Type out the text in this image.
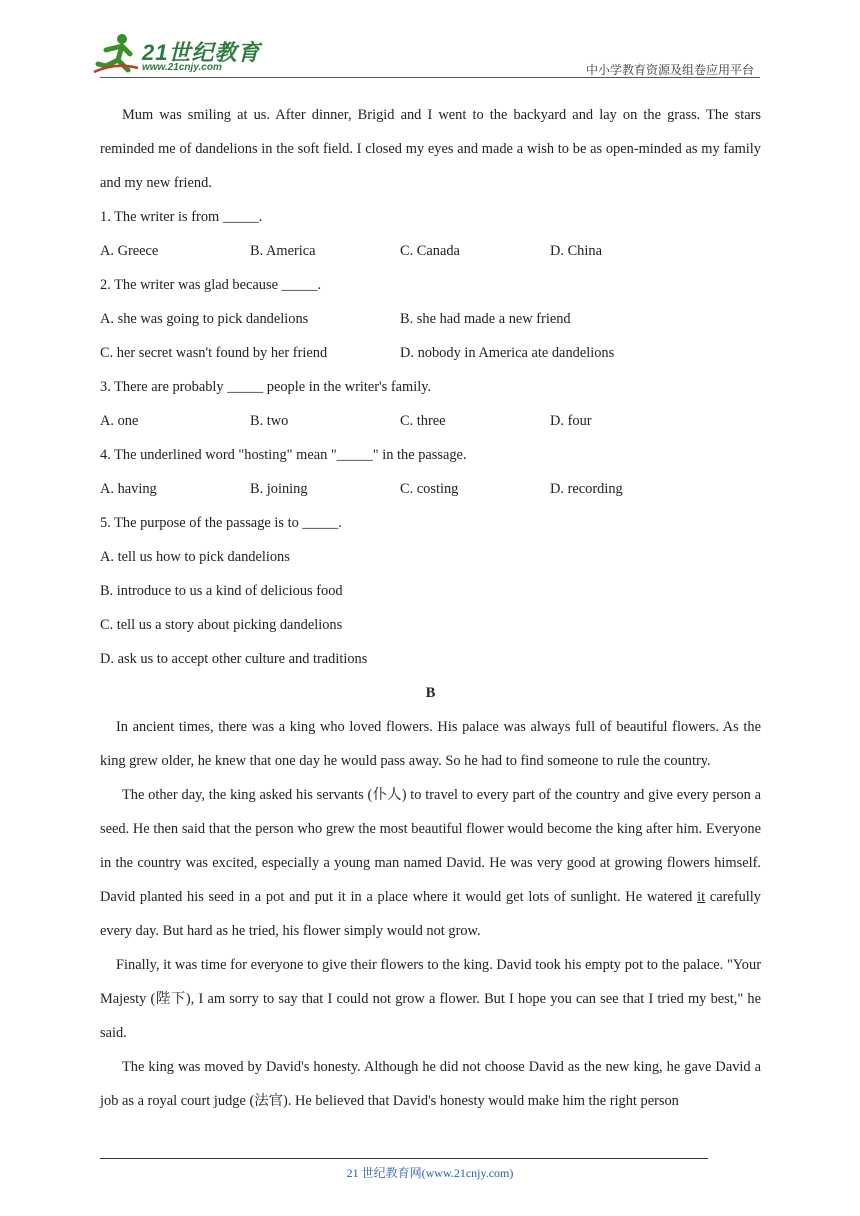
21世纪教育
www.21cnjy.com	中小学教育资源及组卷应用平台

Mum was smiling at us. After dinner, Brigid and I went to the backyard and lay on the grass. The stars reminded me of dandelions in the soft field. I closed my eyes and made a wish to be as open-minded as my family and my new friend.

1. The writer is from _____.

A. Greece	B. America	C. Canada	D. China

2. The writer was glad because _____.

A. she was going to pick dandelions	B. she had made a new friend
C. her secret wasn't found by her friend	D. nobody in America ate dandelions

3. There are probably _____ people in the writer's family.

A. one	B. two	C. three	D. four

4. The underlined word "hosting" mean "_____" in the passage.

A. having	B. joining	C. costing	D. recording

5. The purpose of the passage is to _____.

A. tell us how to pick dandelions

B. introduce to us a kind of delicious food

C. tell us a story about picking dandelions

D. ask us to accept other culture and traditions

B

In ancient times, there was a king who loved flowers. His palace was always full of beautiful flowers. As the king grew older, he knew that one day he would pass away. So he had to find someone to rule the country.

The other day, the king asked his servants (仆人) to travel to every part of the country and give every person a seed. He then said that the person who grew the most beautiful flower would become the king after him. Everyone in the country was excited, especially a young man named David. He was very good at growing flowers himself. David planted his seed in a pot and put it in a place where it would get lots of sunlight. He watered it carefully every day. But hard as he tried, his flower simply would not grow.

Finally, it was time for everyone to give their flowers to the king. David took his empty pot to the palace. "Your Majesty (陛下), I am sorry to say that I could not grow a flower. But I hope you can see that I tried my best," he said.

The king was moved by David's honesty. Although he did not choose David as the new king, he gave David a job as a royal court judge (法官). He believed that David's honesty would make him the right person

21 世纪教育网(www.21cnjy.com)
